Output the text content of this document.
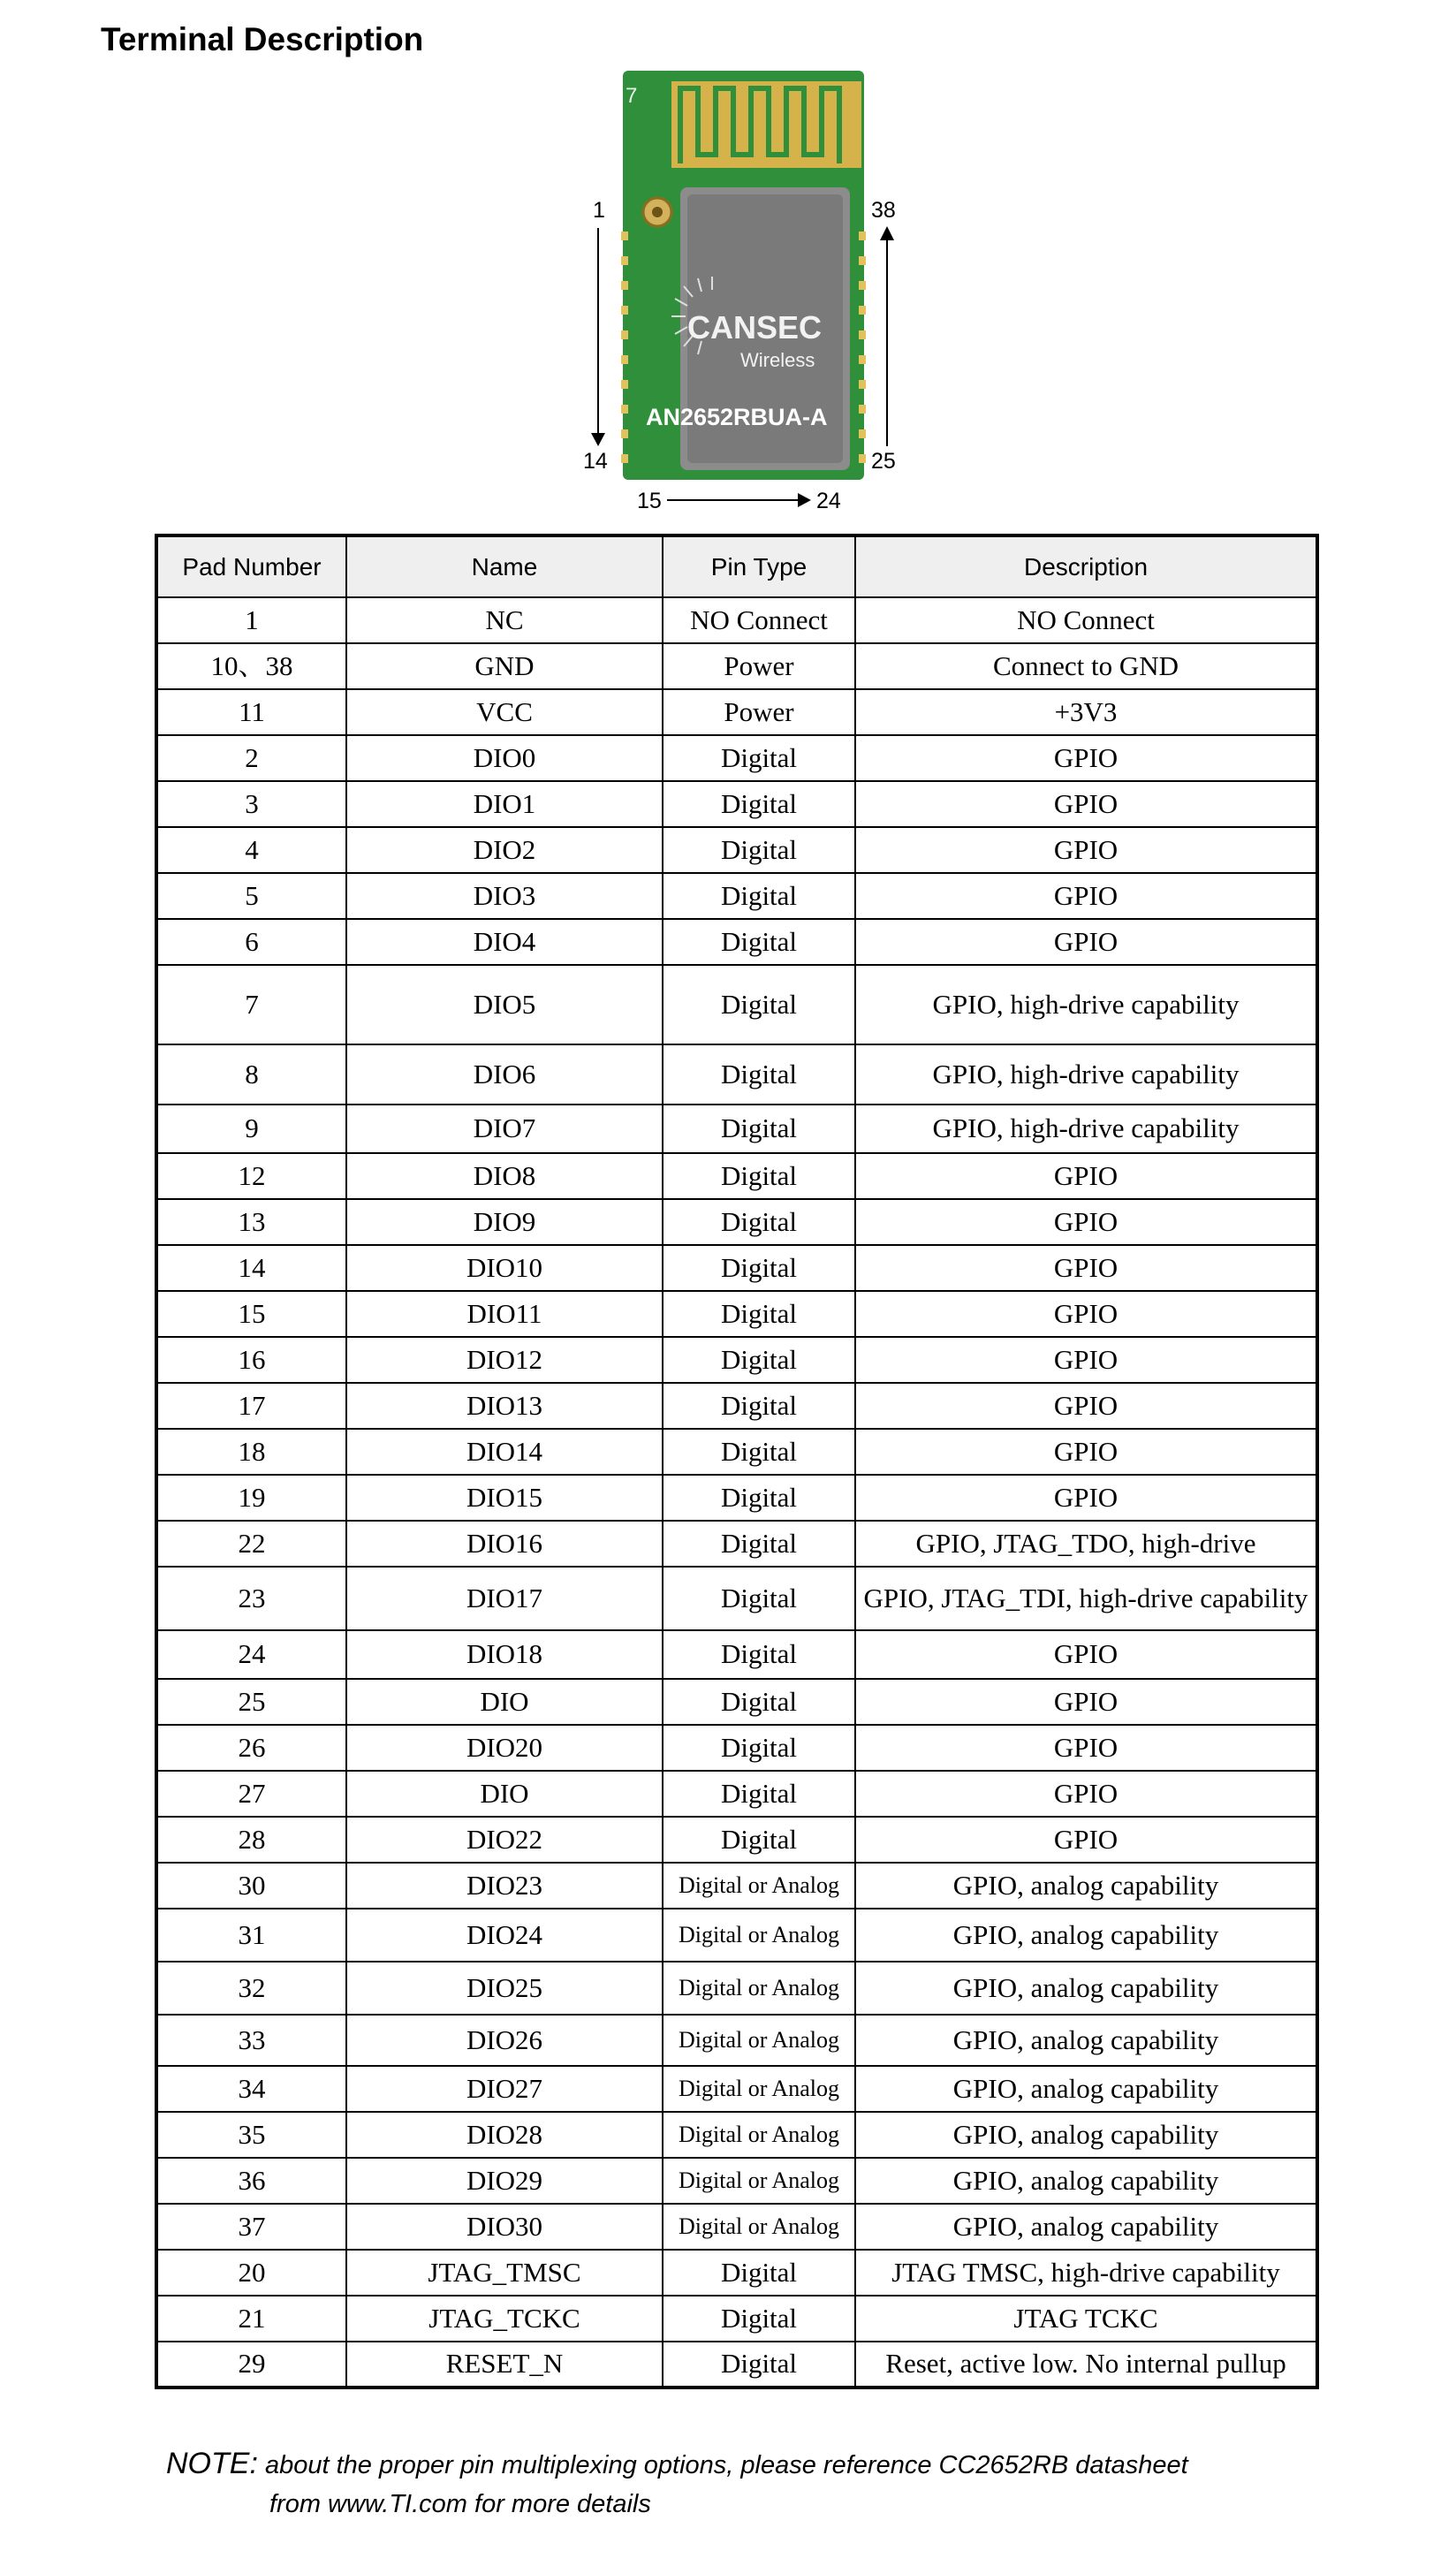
Terminal Description
CANSEC
Wireless
AN2652RBUA-A
7
1
14
38
25
15	24
Pad Number	Name	Pin Type	Description
1	NC	NO Connect	NO Connect
10、38	GND	Power	Connect to GND
11	VCC	Power	+3V3
2	DIO0	Digital	GPIO
3	DIO1	Digital	GPIO
4	DIO2	Digital	GPIO
5	DIO3	Digital	GPIO
6	DIO4	Digital	GPIO
7	DIO5	Digital	GPIO, high-drive capability
8	DIO6	Digital	GPIO, high-drive capability
9	DIO7	Digital	GPIO, high-drive capability
12	DIO8	Digital	GPIO
13	DIO9	Digital	GPIO
14	DIO10	Digital	GPIO
15	DIO11	Digital	GPIO
16	DIO12	Digital	GPIO
17	DIO13	Digital	GPIO
18	DIO14	Digital	GPIO
19	DIO15	Digital	GPIO
22	DIO16	Digital	GPIO, JTAG_TDO, high-drive
23	DIO17	Digital	GPIO, JTAG_TDI, high-drive capability
24	DIO18	Digital	GPIO
25	DIO	Digital	GPIO
26	DIO20	Digital	GPIO
27	DIO	Digital	GPIO
28	DIO22	Digital	GPIO
30	DIO23	Digital or Analog	GPIO, analog capability
31	DIO24	Digital or Analog	GPIO, analog capability
32	DIO25	Digital or Analog	GPIO, analog capability
33	DIO26	Digital or Analog	GPIO, analog capability
34	DIO27	Digital or Analog	GPIO, analog capability
35	DIO28	Digital or Analog	GPIO, analog capability
36	DIO29	Digital or Analog	GPIO, analog capability
37	DIO30	Digital or Analog	GPIO, analog capability
20	JTAG_TMSC	Digital	JTAG TMSC, high-drive capability
21	JTAG_TCKC	Digital	JTAG TCKC
29	RESET_N	Digital	Reset, active low. No internal pullup
NOTE: about the proper pin multiplexing options, please reference CC2652RB datasheet
from www.TI.com for more details
